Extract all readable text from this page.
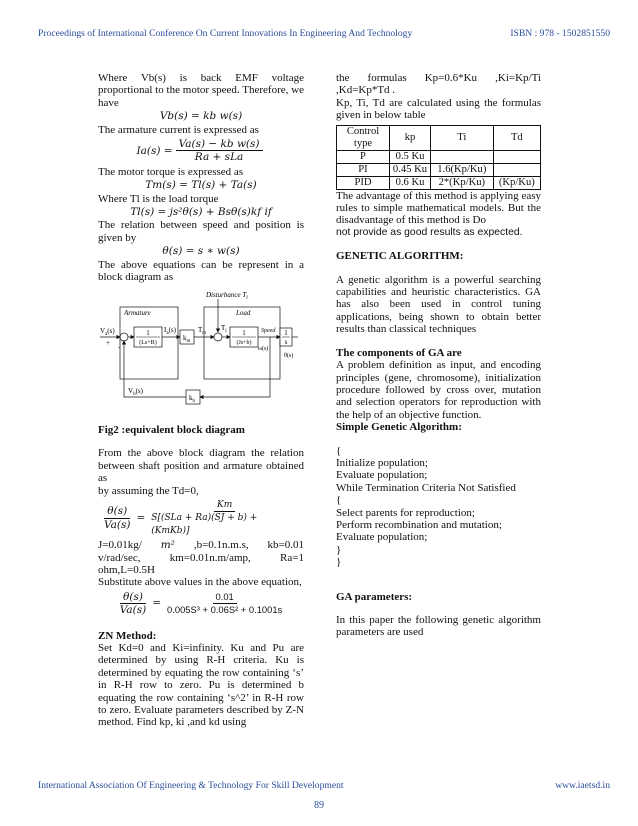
Proceedings of International Conference On Current Innovations In Engineering And Technology	ISBN : 978 - 1502851550

Where Vb(s) is back EMF voltage proportional to the motor speed. Therefore, we have

Vb(s) = kb w(s)

The armature current is expressed as

$Ia(s) = \frac{\text{Va(s) − kb w(s)}}{\text{Ra + sLa}}$

The motor torque is expressed as

Tm(s) = Tl(s) + Ta(s)

Where Tl is the load torque

Tl(s) = js²θ(s) + Bsθ(s)kf if

The relation between speed and position is given by

θ(s) = s ∗ w(s)

The above equations can be represent in a block diagram as

Armature	Load
Disturbance $T_l$
$V_a(s)$
+ -
1
(Ls+R)
$I_a(s)$
$k_m$
$T_m$
$T_l$ 1
(Js+b)
Speed
ω(s)
1
s
θ(s)
$k_b$
$V_b(s)$

Fig2 :equivalent block diagram

From the above block diagram the relation between shaft position and armature obtained as

by assuming the Td=0,

$\frac{\theta(s)}{Va(s)} = \frac{Km}{\text{S[(SLa + Ra)(SJ + b) + (KmKb)]}}$

J=0.01kg/ m² ,b=0.1n.m.s, kb=0.01

v/rad/sec,	km=0.01n.m/amp,	Ra=1

ohm,L=0.5H

Substitute above values in the above equation,

$\frac{\theta(s)}{Va(s)} = \frac{0.01}{\text{0.005S³ + 0.06S² + 0.1001s}}$

ZN Method:

Set Kd=0 and Ki=infinity. Ku and Pu are determined by using R-H criteria. Ku is determined by equating the row containing ‘s’ in R-H row to zero. Pu is determined b equating the row containing ‘s^2’ in R-H row to zero. Evaluate parameters described by Z-N method. Find kp, ki ,and kd using

the formulas Kp=0.6*Ku ,Ki=Kp/Ti ,Kd=Kp*Td .

Kp, Ti, Td are calculated using the formulas given in below table

Control type	kp	Ti	Td
P	0.5 Ku		
PI	0.45 Ku	1.6(Kp/Ku)	
PID	0.6 Ku	2*(Kp/Ku)	(Kp/Ku)

The advantage of this method is applying easy rules to simple mathematical models. But the disadvantage of this method is Do

not provide as good results as expected.

GENETIC ALGORITHM:

A genetic algorithm is a powerful searching capabilities and heuristic characteristics. GA has also been used in control tuning applications, being shown to obtain better results than classical techniques

The components of GA are

A problem definition as input, and encoding principles (gene, chromosome), initialization procedure followed by cross over, mutation and selection operators for reproduction with the help of an objective function.

Simple Genetic Algorithm:

{

Initialize population;

Evaluate population;

While Termination Criteria Not Satisfied

{

Select parents for reproduction;

Perform recombination and mutation;

Evaluate population;

}

}

GA parameters:

In this paper the following genetic algorithm parameters are used

International Association Of Engineering & Technology For Skill Development	www.iaetsd.in
89
